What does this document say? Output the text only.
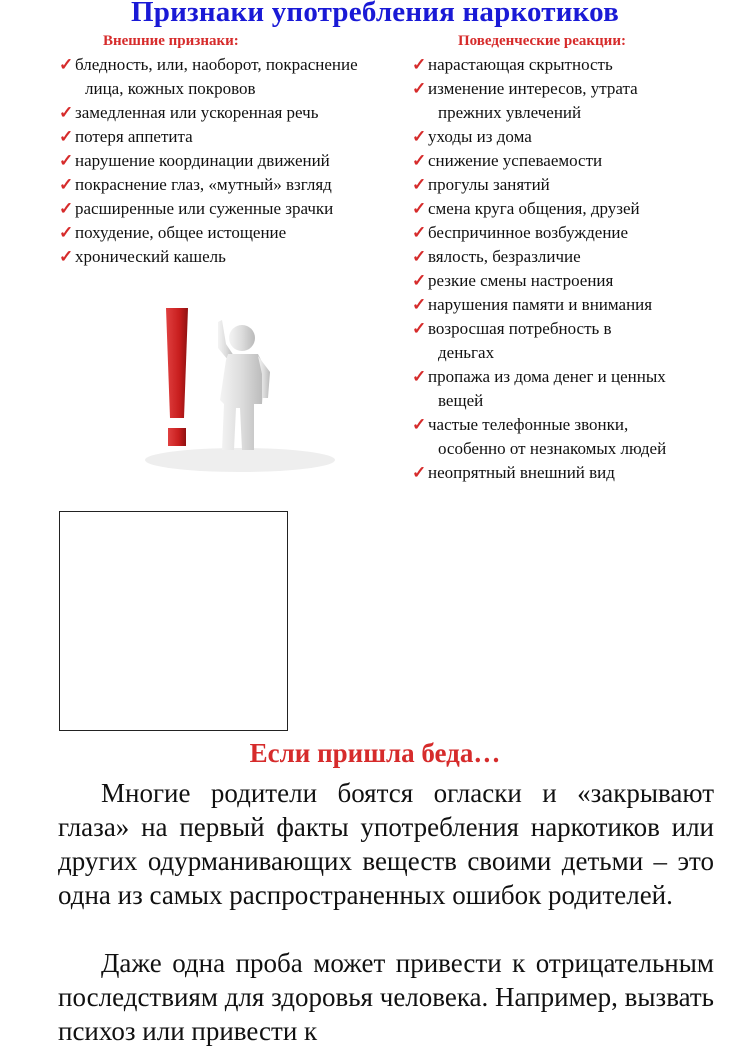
Признаки употребления наркотиков
Внешние признаки:	Поведенческие реакции:
✓ бледность, или, наоборот, покраснение
лица, кожных покровов
✓ замедленная или ускоренная речь
✓ потеря аппетита
✓ нарушение координации движений
✓ покраснение глаз, «мутный» взгляд
✓ расширенные или суженные зрачки
✓ похудение, общее истощение
✓ хронический кашель
✓ нарастающая скрытность
✓ изменение интересов, утрата
прежних увлечений
✓ уходы из дома
✓ снижение успеваемости
✓ прогулы занятий
✓ смена круга общения, друзей
✓ беспричинное возбуждение
✓ вялость, безразличие
✓ резкие смены настроения
✓ нарушения памяти и внимания
✓ возросшая потребность в
деньгах
✓ пропажа из дома денег и ценных
вещей
✓ частые телефонные звонки,
особенно от незнакомых людей
✓ неопрятный внешний вид
Если пришла беда…

Многие родители боятся огласки и «закрывают глаза» на первый факты употребления наркотиков или других одурманивающих веществ своими детьми – это одна из самых распространенных ошибок родителей.

Даже одна проба может привести к отрицательным последствиям для здоровья человека. Например, вызвать психоз или привести к
